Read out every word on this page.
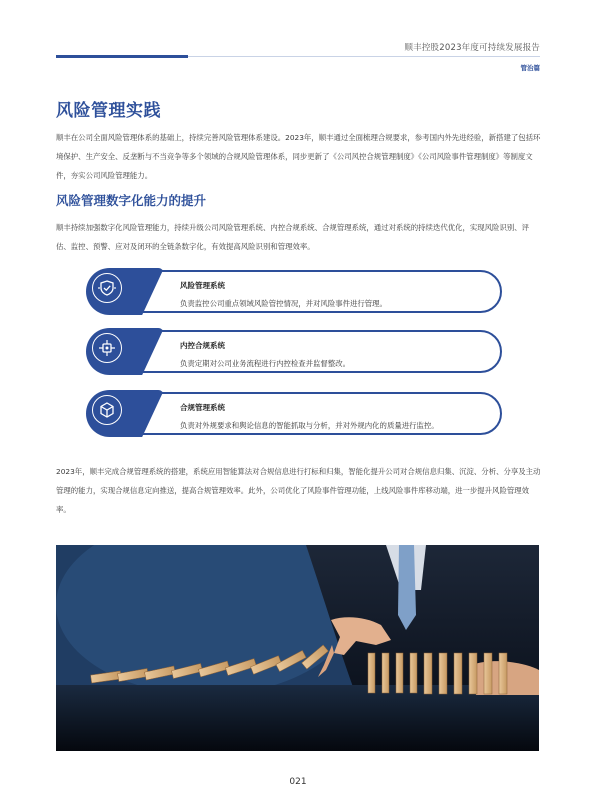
顺丰控股2023年度可持续发展报告
管治篇
风险管理实践
顺丰在公司全面风险管理体系的基础上，持续完善风险管理体系建设。2023年，顺丰通过全面梳理合规要求，参考国内外先进经验，新搭建了包括环境保护、生产安全、反垄断与不当竞争等多个领域的合规风险管理体系，同步更新了《公司风控合规管理制度》《公司风险事件管理制度》等制度文件，夯实公司风险管理能力。
风险管理数字化能力的提升
顺丰持续加强数字化风险管理能力，持续升级公司风险管理系统、内控合规系统、合规管理系统，通过对系统的持续迭代优化，实现风险识别、评估、监控、预警、应对及闭环的全链条数字化，有效提高风险识别和管理效率。
风险管理系统
负责监控公司重点领域风险管控情况，并对风险事件进行管理。
内控合规系统
负责定期对公司业务流程进行内控检查并监督整改。
合规管理系统
负责对外规要求和舆论信息的智能抓取与分析，并对外规内化的质量进行监控。
2023年，顺丰完成合规管理系统的搭建，系统应用智能算法对合规信息进行打标和归集，智能化提升公司对合规信息归集、沉淀、分析、分享及主动管理的能力，实现合规信息定向推送，提高合规管理效率。此外，公司优化了风险事件管理功能，上线风险事件库移动端，进一步提升风险管理效率。
021
